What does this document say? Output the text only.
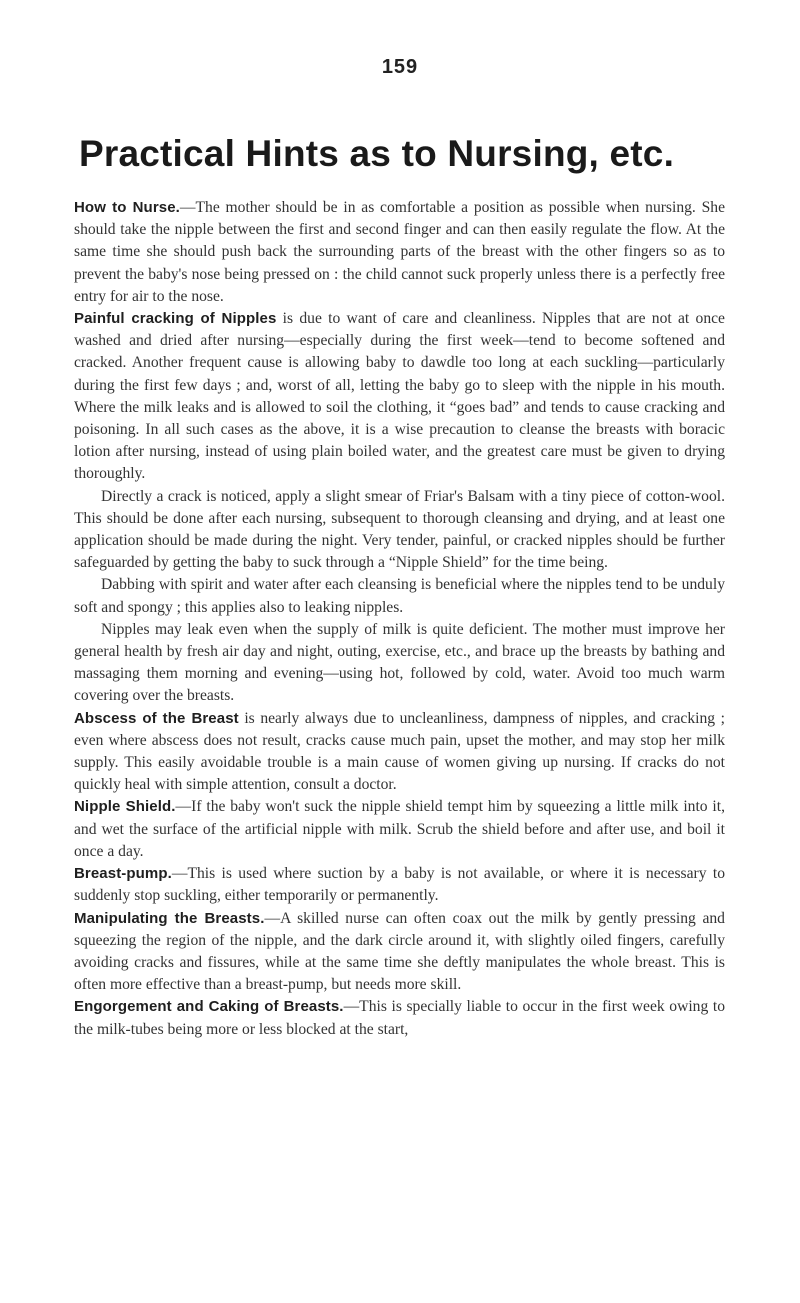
159
Practical Hints as to Nursing, etc.

How to Nurse.—The mother should be in as comfortable a position as possible when nursing. She should take the nipple between the first and second finger and can then easily regulate the flow. At the same time she should push back the surrounding parts of the breast with the other fingers so as to prevent the baby's nose being pressed on : the child cannot suck properly unless there is a perfectly free entry for air to the nose.

Painful cracking of Nipples is due to want of care and cleanliness. Nipples that are not at once washed and dried after nursing—especially during the first week—tend to become softened and cracked. Another frequent cause is allowing baby to dawdle too long at each suckling—particularly during the first few days ; and, worst of all, letting the baby go to sleep with the nipple in his mouth. Where the milk leaks and is allowed to soil the clothing, it “goes bad” and tends to cause cracking and poisoning. In all such cases as the above, it is a wise precaution to cleanse the breasts with boracic lotion after nursing, instead of using plain boiled water, and the greatest care must be given to drying thoroughly.

Directly a crack is noticed, apply a slight smear of Friar's Balsam with a tiny piece of cotton-wool. This should be done after each nursing, subsequent to thorough cleansing and drying, and at least one application should be made during the night. Very tender, painful, or cracked nipples should be further safeguarded by getting the baby to suck through a “Nipple Shield” for the time being.

Dabbing with spirit and water after each cleansing is beneficial where the nipples tend to be unduly soft and spongy ; this applies also to leaking nipples.

Nipples may leak even when the supply of milk is quite deficient. The mother must improve her general health by fresh air day and night, outing, exercise, etc., and brace up the breasts by bathing and massaging them morning and evening—using hot, followed by cold, water. Avoid too much warm covering over the breasts.

Abscess of the Breast is nearly always due to uncleanliness, dampness of nipples, and cracking ; even where abscess does not result, cracks cause much pain, upset the mother, and may stop her milk supply. This easily avoidable trouble is a main cause of women giving up nursing. If cracks do not quickly heal with simple attention, consult a doctor.

Nipple Shield.—If the baby won't suck the nipple shield tempt him by squeezing a little milk into it, and wet the surface of the artificial nipple with milk. Scrub the shield before and after use, and boil it once a day.

Breast-pump.—This is used where suction by a baby is not available, or where it is necessary to suddenly stop suckling, either temporarily or permanently.

Manipulating the Breasts.—A skilled nurse can often coax out the milk by gently pressing and squeezing the region of the nipple, and the dark circle around it, with slightly oiled fingers, carefully avoiding cracks and fissures, while at the same time she deftly manipulates the whole breast. This is often more effective than a breast-pump, but needs more skill.

Engorgement and Caking of Breasts.—This is specially liable to occur in the first week owing to the milk-tubes being more or less blocked at the start,
